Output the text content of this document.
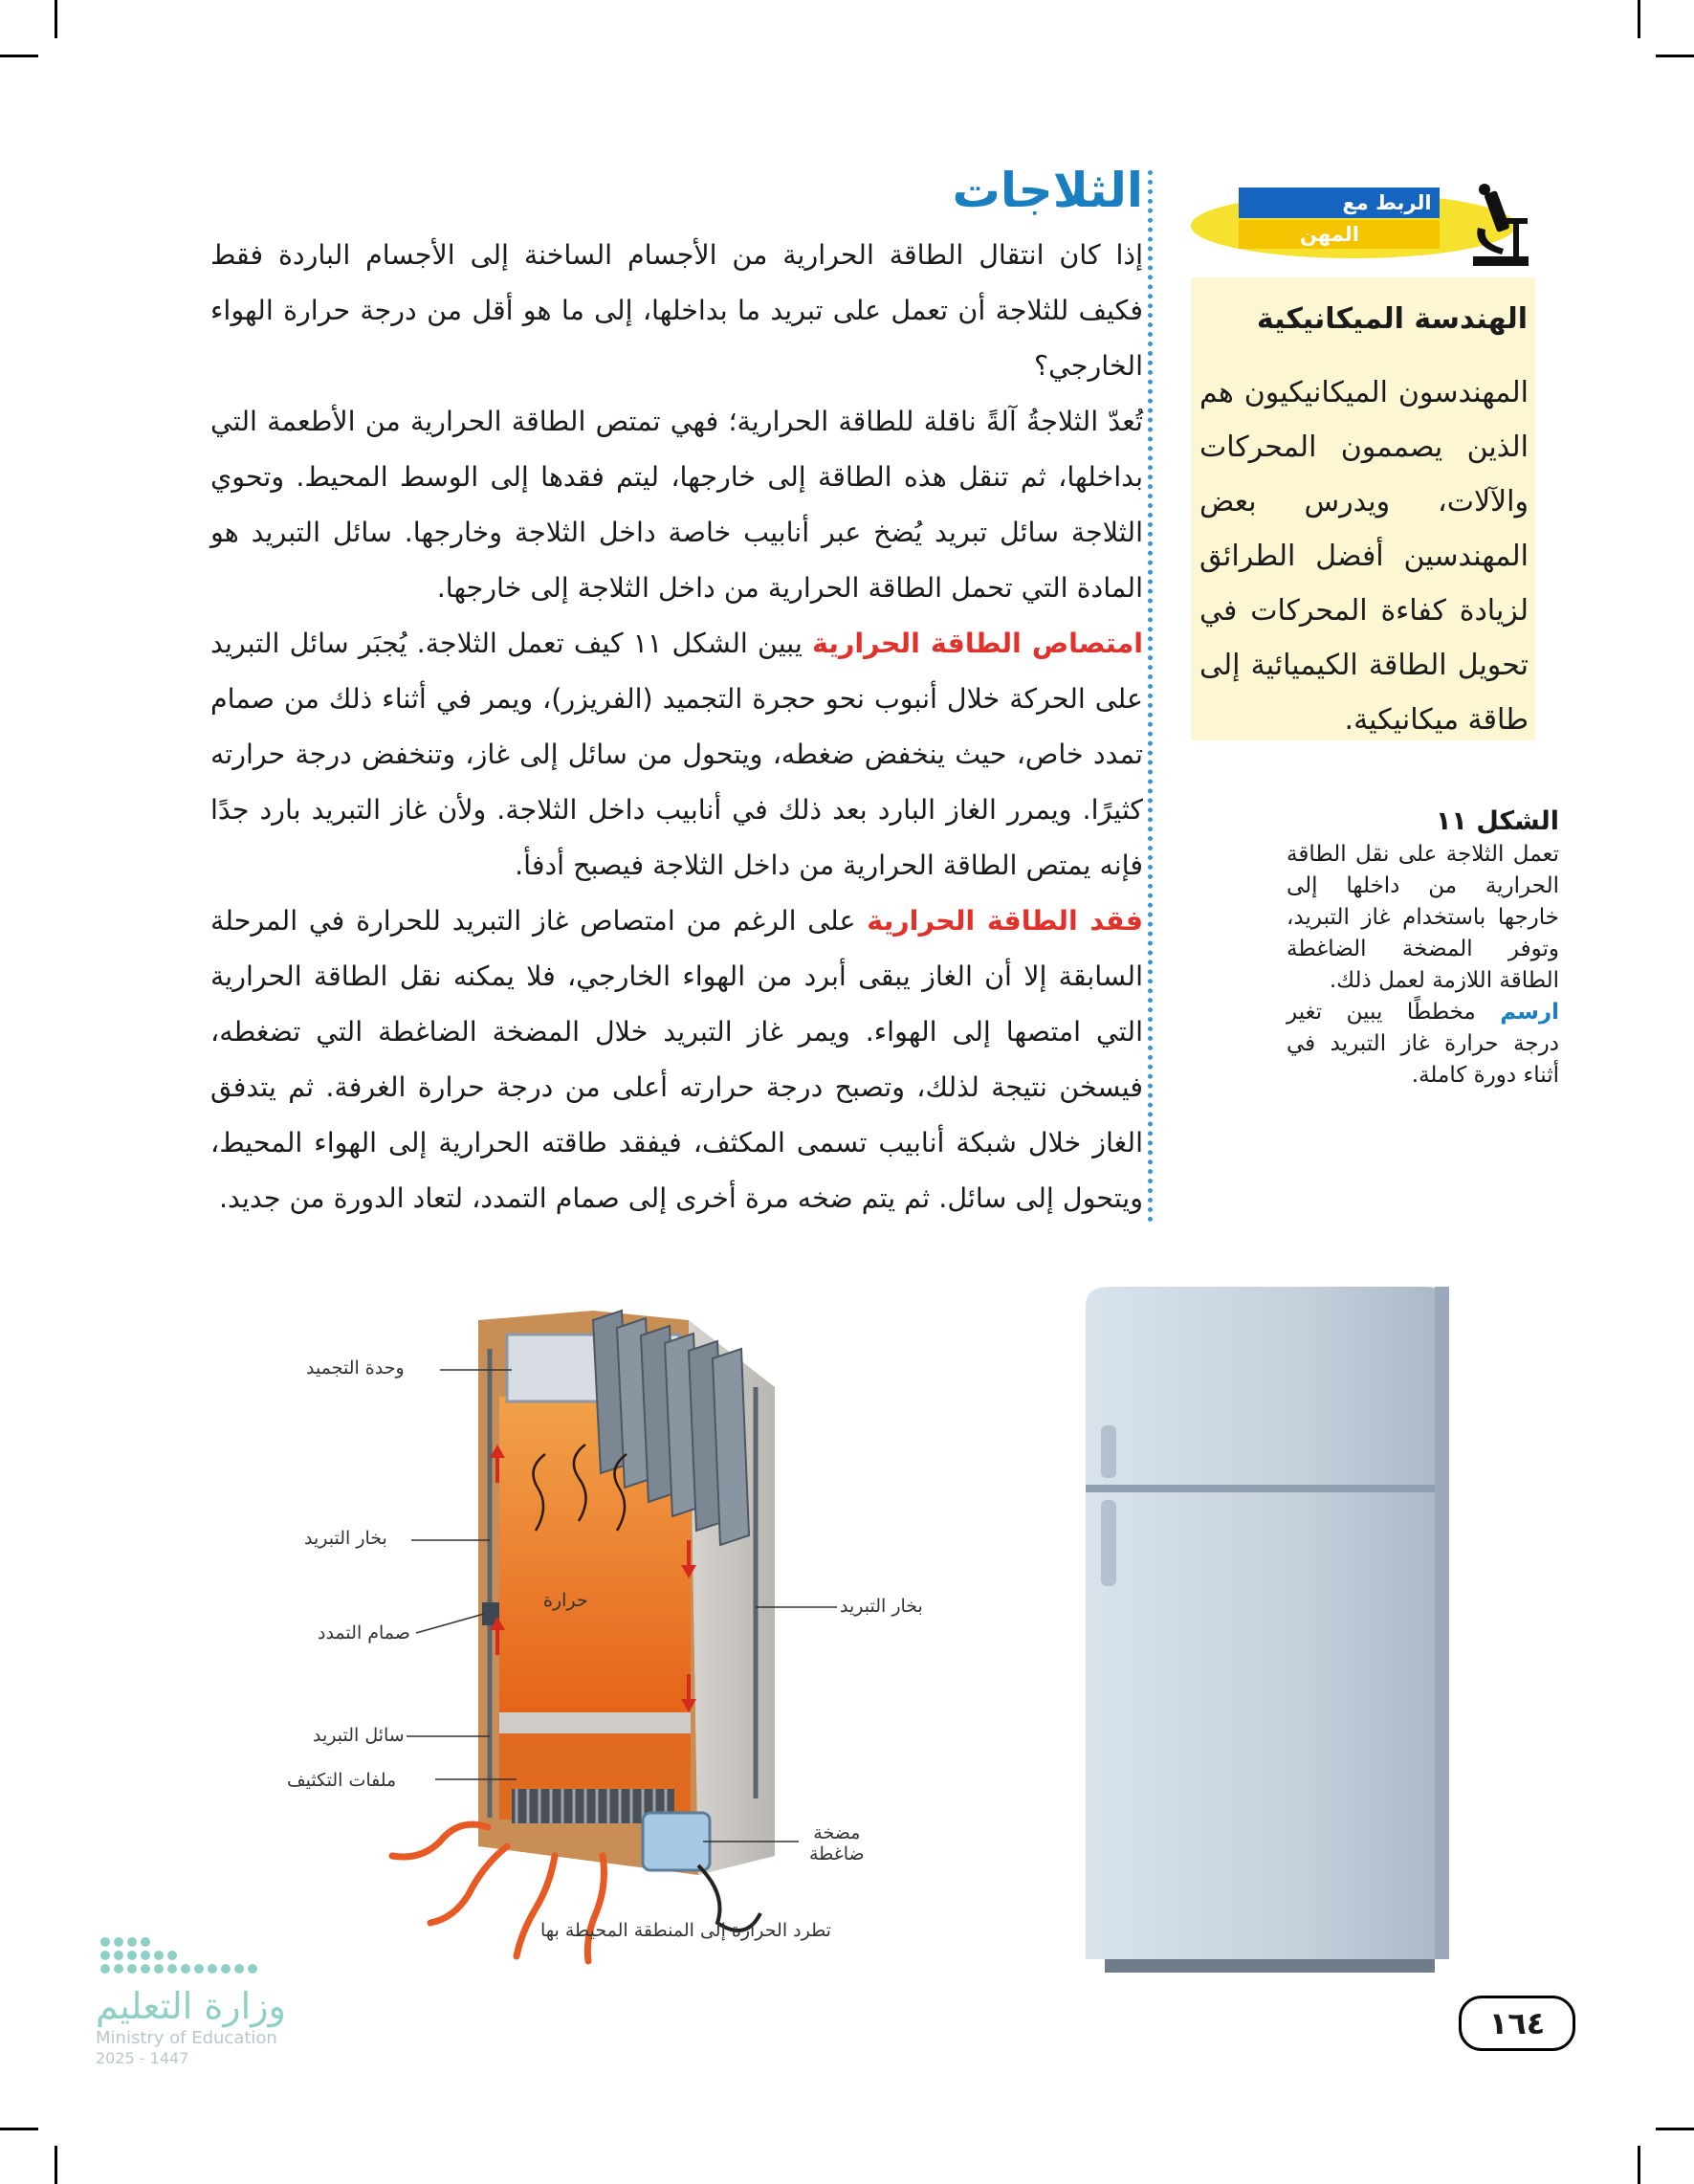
الثلاجات

إذا كان انتقال الطاقة الحرارية من الأجسام الساخنة إلى الأجسام الباردة فقط فكيف للثلاجة أن تعمل على تبريد ما بداخلها، إلى ما هو أقل من درجة حرارة الهواء الخارجي؟

تُعدّ الثلاجةُ آلةً ناقلة للطاقة الحرارية؛ فهي تمتص الطاقة الحرارية من الأطعمة التي بداخلها، ثم تنقل هذه الطاقة إلى خارجها، ليتم فقدها إلى الوسط المحيط. وتحوي الثلاجة سائل تبريد يُضخ عبر أنابيب خاصة داخل الثلاجة وخارجها. سائل التبريد هو المادة التي تحمل الطاقة الحرارية من داخل الثلاجة إلى خارجها.

امتصاص الطاقة الحرارية يبين الشكل ١١ كيف تعمل الثلاجة. يُجبَر سائل التبريد على الحركة خلال أنبوب نحو حجرة التجميد (الفريزر)، ويمر في أثناء ذلك من صمام تمدد خاص، حيث ينخفض ضغطه، ويتحول من سائل إلى غاز، وتنخفض درجة حرارته كثيرًا. ويمرر الغاز البارد بعد ذلك في أنابيب داخل الثلاجة. ولأن غاز التبريد بارد جدًا فإنه يمتص الطاقة الحرارية من داخل الثلاجة فيصبح أدفأ.

فقد الطاقة الحرارية على الرغم من امتصاص غاز التبريد للحرارة في المرحلة السابقة إلا أن الغاز يبقى أبرد من الهواء الخارجي، فلا يمكنه نقل الطاقة الحرارية التي امتصها إلى الهواء. ويمر غاز التبريد خلال المضخة الضاغطة التي تضغطه، فيسخن نتيجة لذلك، وتصبح درجة حرارته أعلى من درجة حرارة الغرفة. ثم يتدفق الغاز خلال شبكة أنابيب تسمى المكثف، فيفقد طاقته الحرارية إلى الهواء المحيط، ويتحول إلى سائل. ثم يتم ضخه مرة أخرى إلى صمام التمدد، لتعاد الدورة من جديد.

الربط مع
المهن
الهندسة الميكانيكية
المهندسون الميكانيكيون هم الذين يصممون المحركات والآلات، ويدرس بعض المهندسين أفضل الطرائق لزيادة كفاءة المحركات في تحويل الطاقة الكيميائية إلى طاقة ميكانيكية.
الشكل ١١ تعمل الثلاجة على نقل الطاقة الحرارية من داخلها إلى خارجها باستخدام غاز التبريد، وتوفر المضخة الضاغطة الطاقة اللازمة لعمل ذلك.
ارسم مخططًا يبين تغير درجة حرارة غاز التبريد في أثناء دورة كاملة.
وحدة التجميد
بخار التبريد
حرارة
صمام التمدد
سائل التبريد
ملفات التكثيف
بخار التبريد
مضخة
ضاغطة
تطرد الحرارة إلى المنطقة المحيطة بها
وزارة التعليم
Ministry of Education
2025 - 1447
١٦٤
